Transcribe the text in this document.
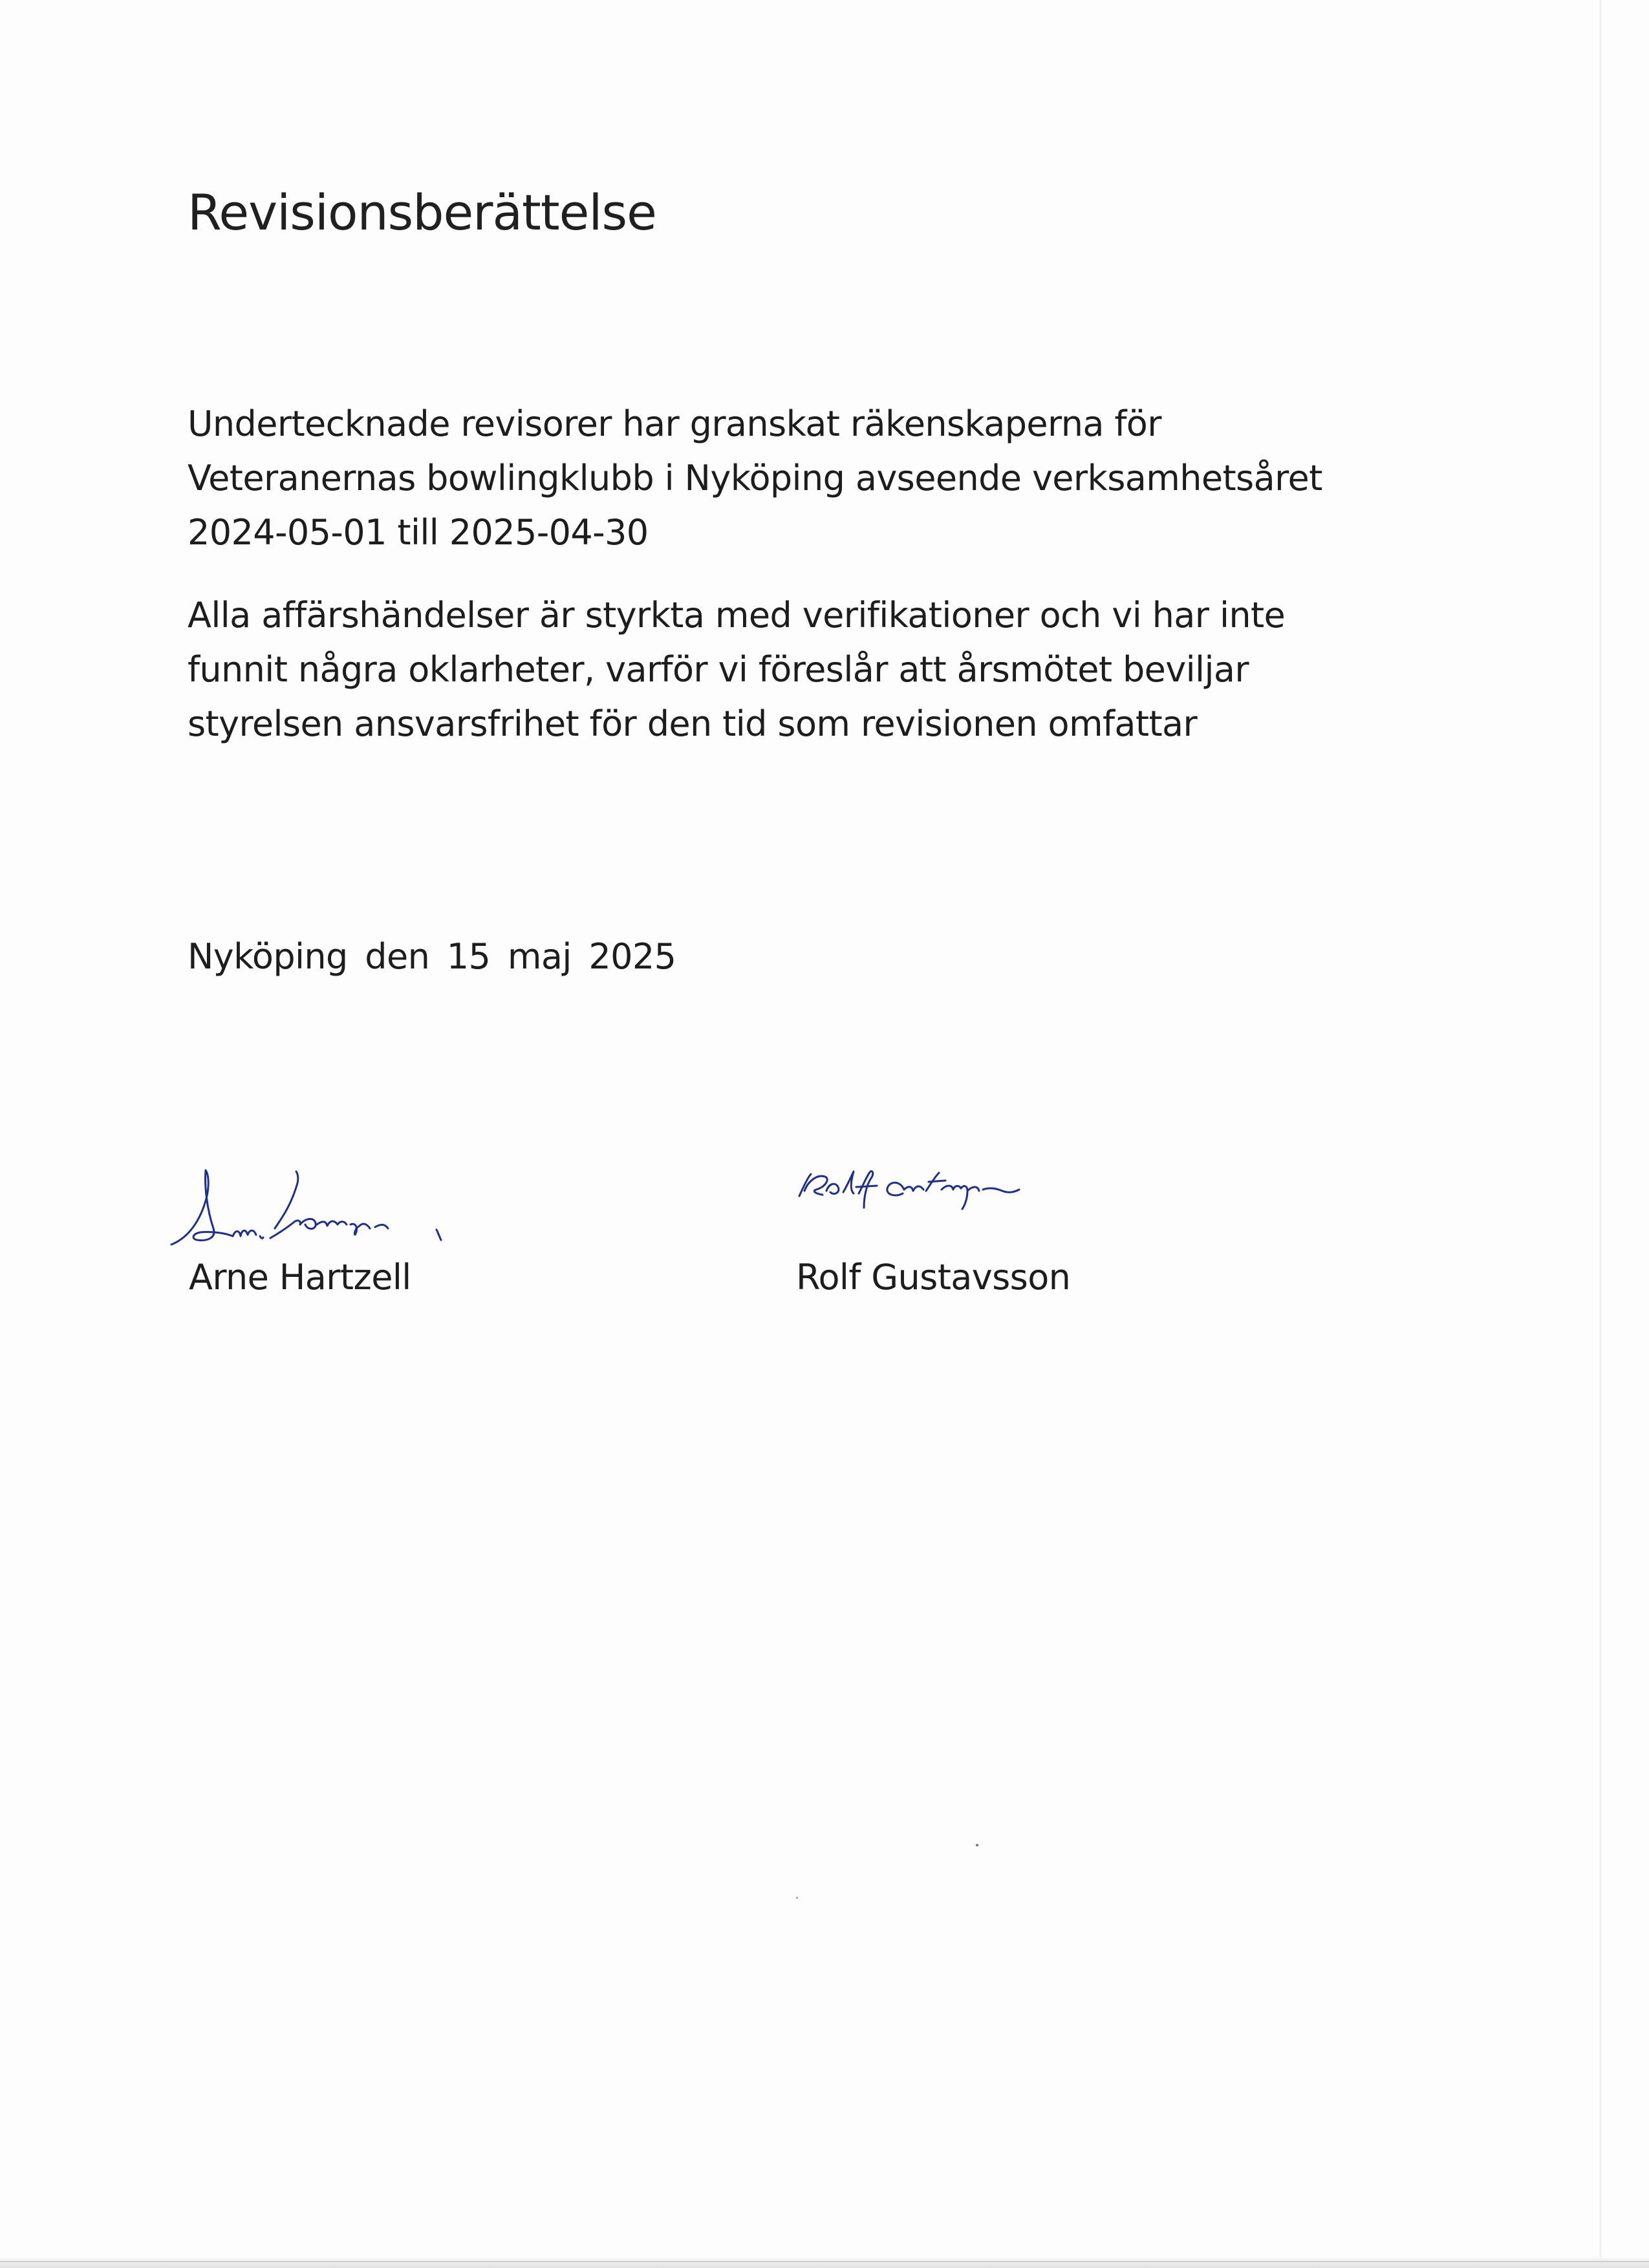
Revisionsberättelse
Undertecknade revisorer har granskat räkenskaperna för
Veteranernas bowlingklubb i Nyköping avseende verksamhetsåret
2024-05-01 till 2025-04-30
Alla affärshändelser är styrkta med verifikationer och vi har inte
funnit några oklarheter, varför vi föreslår att årsmötet beviljar
styrelsen ansvarsfrihet för den tid som revisionen omfattar
Nyköping den 15 maj 2025
Arne Hartzell	Rolf Gustavsson
